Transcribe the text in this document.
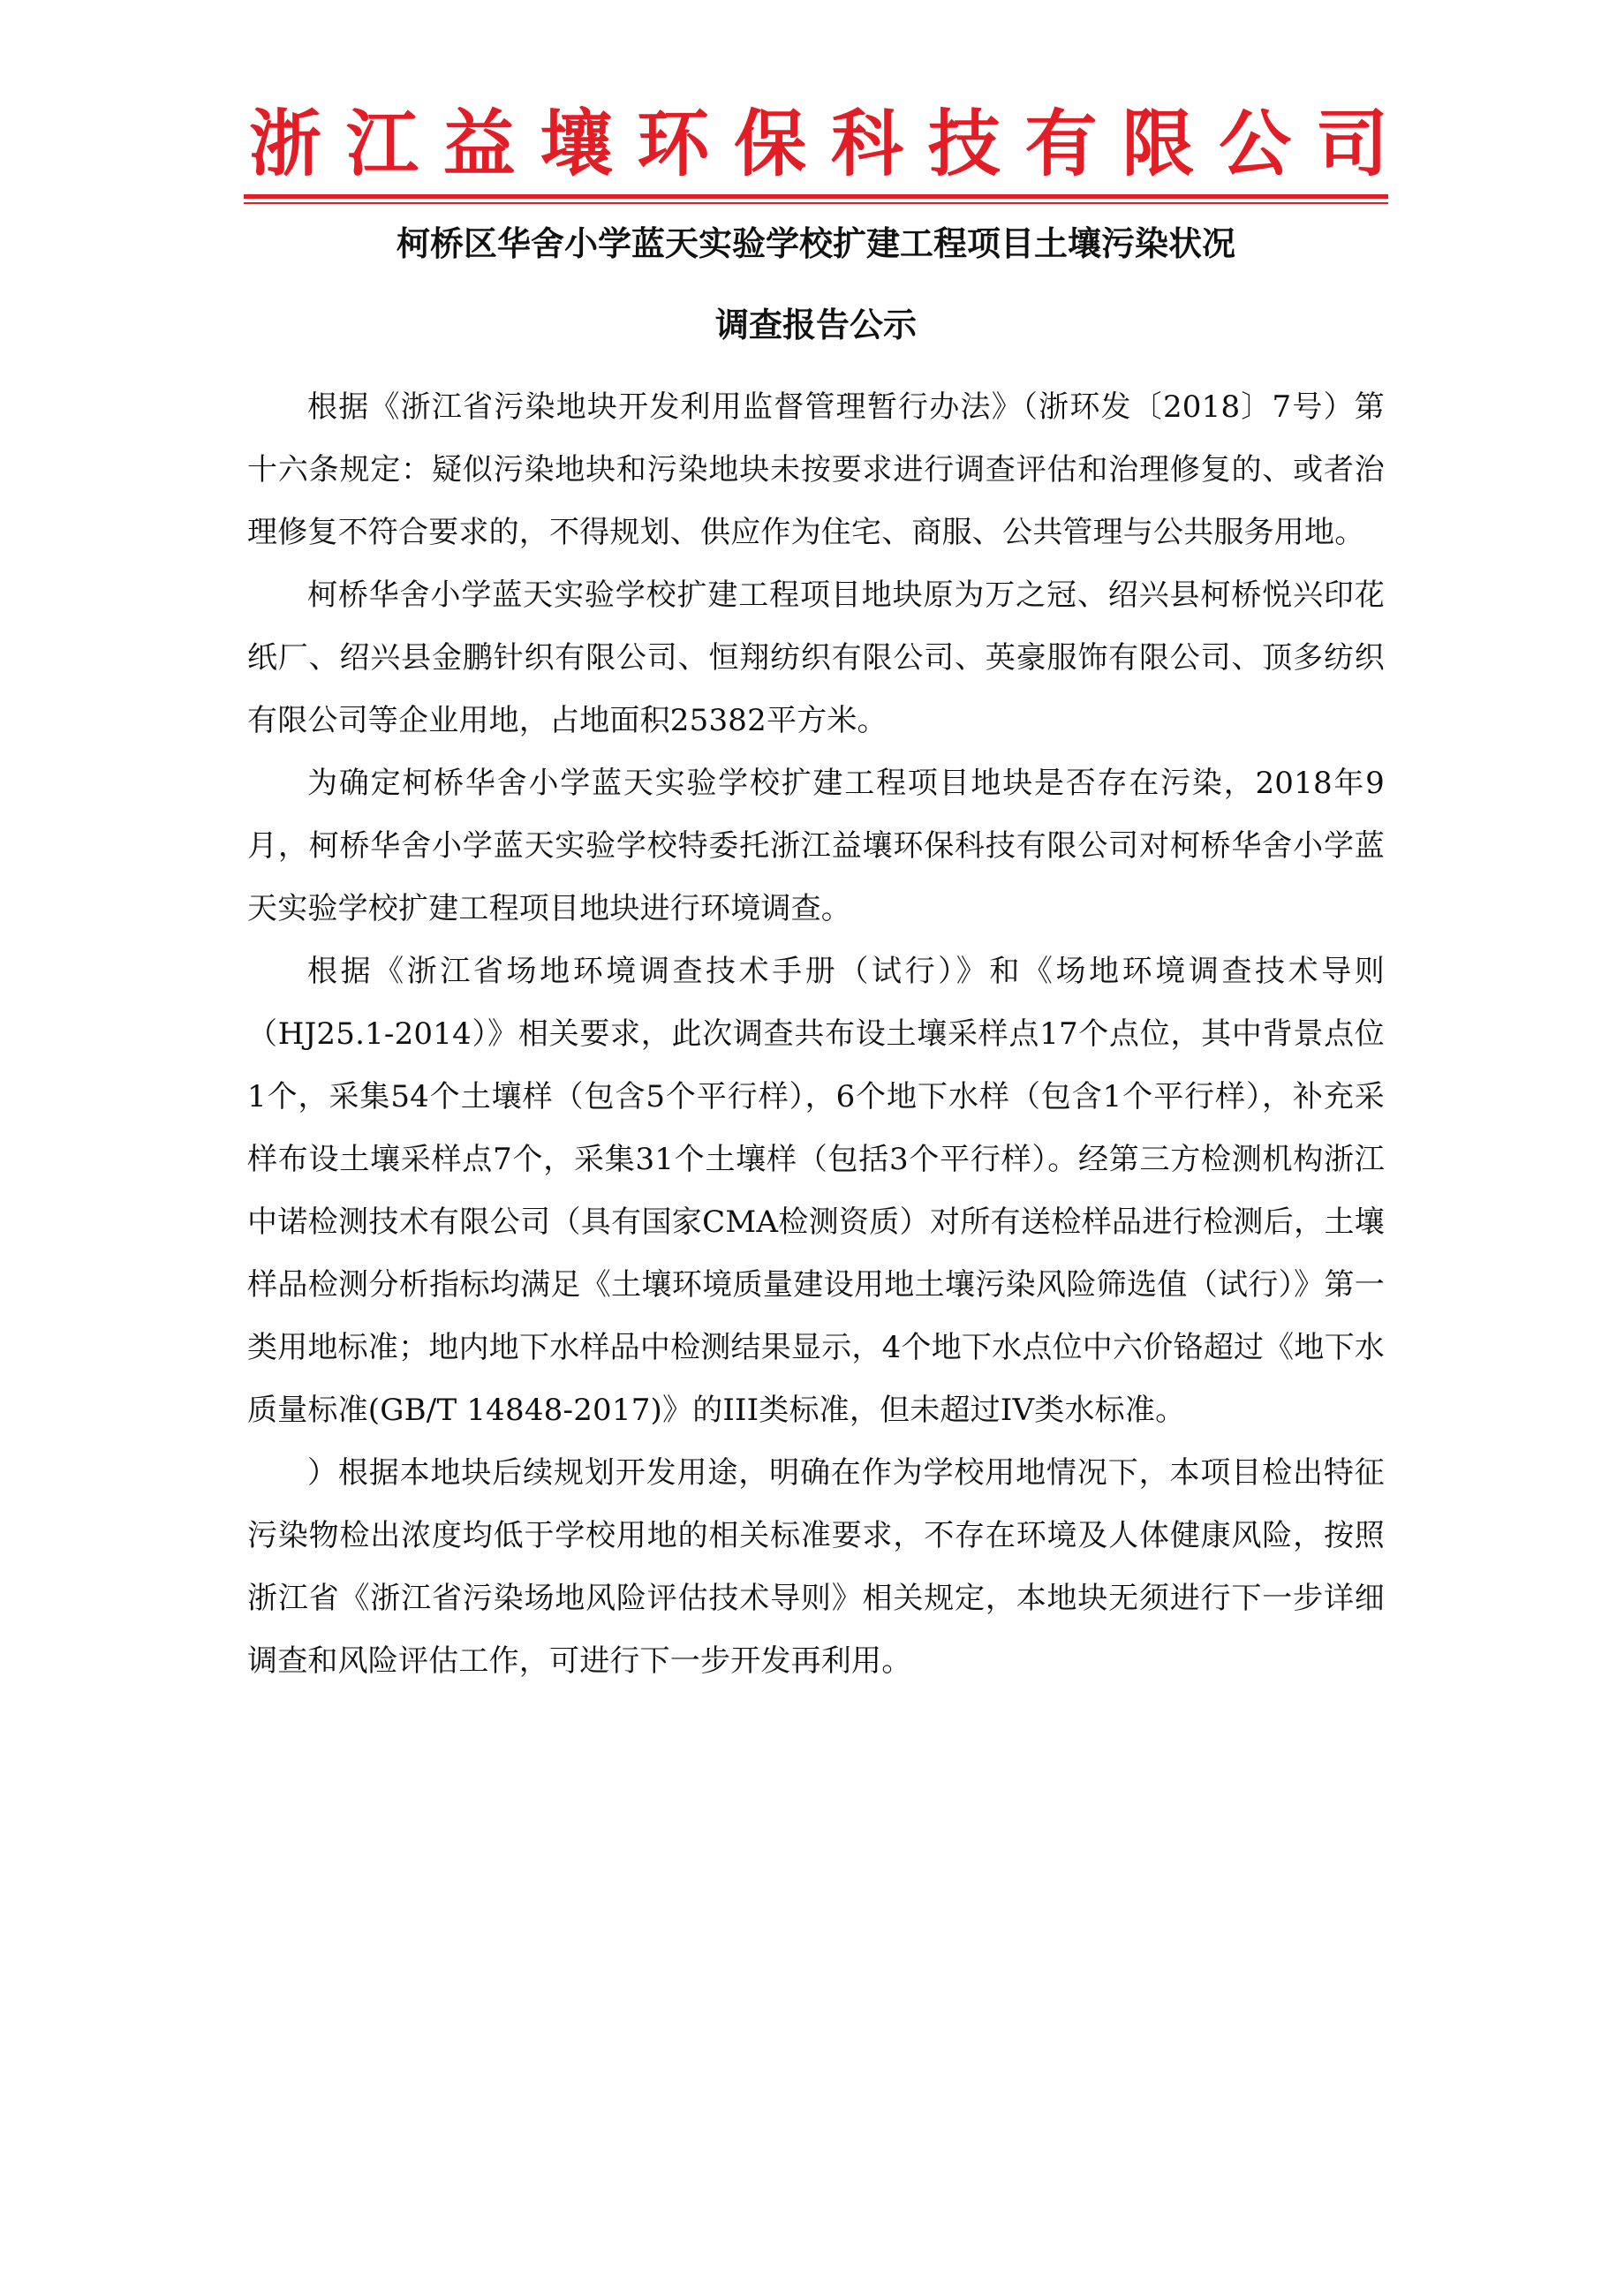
浙 江 益 壤 环 保 科 技 有 限 公 司
柯桥区华舍小学蓝天实验学校扩建工程项目土壤污染状况
调查报告公示

根据《浙江省污染地块开发利用监督管理暂行办法》（浙环发〔2018〕7号）第十六条规定：疑似污染地块和污染地块未按要求进行调查评估和治理修复的、或者治理修复不符合要求的，不得规划、供应作为住宅、商服、公共管理与公共服务用地。

柯桥华舍小学蓝天实验学校扩建工程项目地块原为万之冠、绍兴县柯桥悦兴印花纸厂、绍兴县金鹏针织有限公司、恒翔纺织有限公司、英豪服饰有限公司、顶多纺织有限公司等企业用地，占地面积25382平方米。

为确定柯桥华舍小学蓝天实验学校扩建工程项目地块是否存在污染，2018年9月，柯桥华舍小学蓝天实验学校特委托浙江益壤环保科技有限公司对柯桥华舍小学蓝天实验学校扩建工程项目地块进行环境调查。

根据《浙江省场地环境调查技术手册（试行）》和《场地环境调查技术导则（HJ25.1-2014）》相关要求，此次调查共布设土壤采样点17个点位，其中背景点位1个，采集54个土壤样（包含5个平行样），6个地下水样（包含1个平行样），补充采样布设土壤采样点7个，采集31个土壤样（包括3个平行样）。经第三方检测机构浙江中诺检测技术有限公司（具有国家CMA检测资质）对所有送检样品进行检测后，土壤样品检测分析指标均满足《土壤环境质量建设用地土壤污染风险筛选值（试行）》第一类用地标准；地内地下水样品中检测结果显示，4个地下水点位中六价铬超过《地下水质量标准(GB/T 14848-2017)》的III类标准，但未超过IV类水标准。

）根据本地块后续规划开发用途，明确在作为学校用地情况下，本项目检出特征污染物检出浓度均低于学校用地的相关标准要求，不存在环境及人体健康风险，按照浙江省《浙江省污染场地风险评估技术导则》相关规定，本地块无须进行下一步详细调查和风险评估工作，可进行下一步开发再利用。
